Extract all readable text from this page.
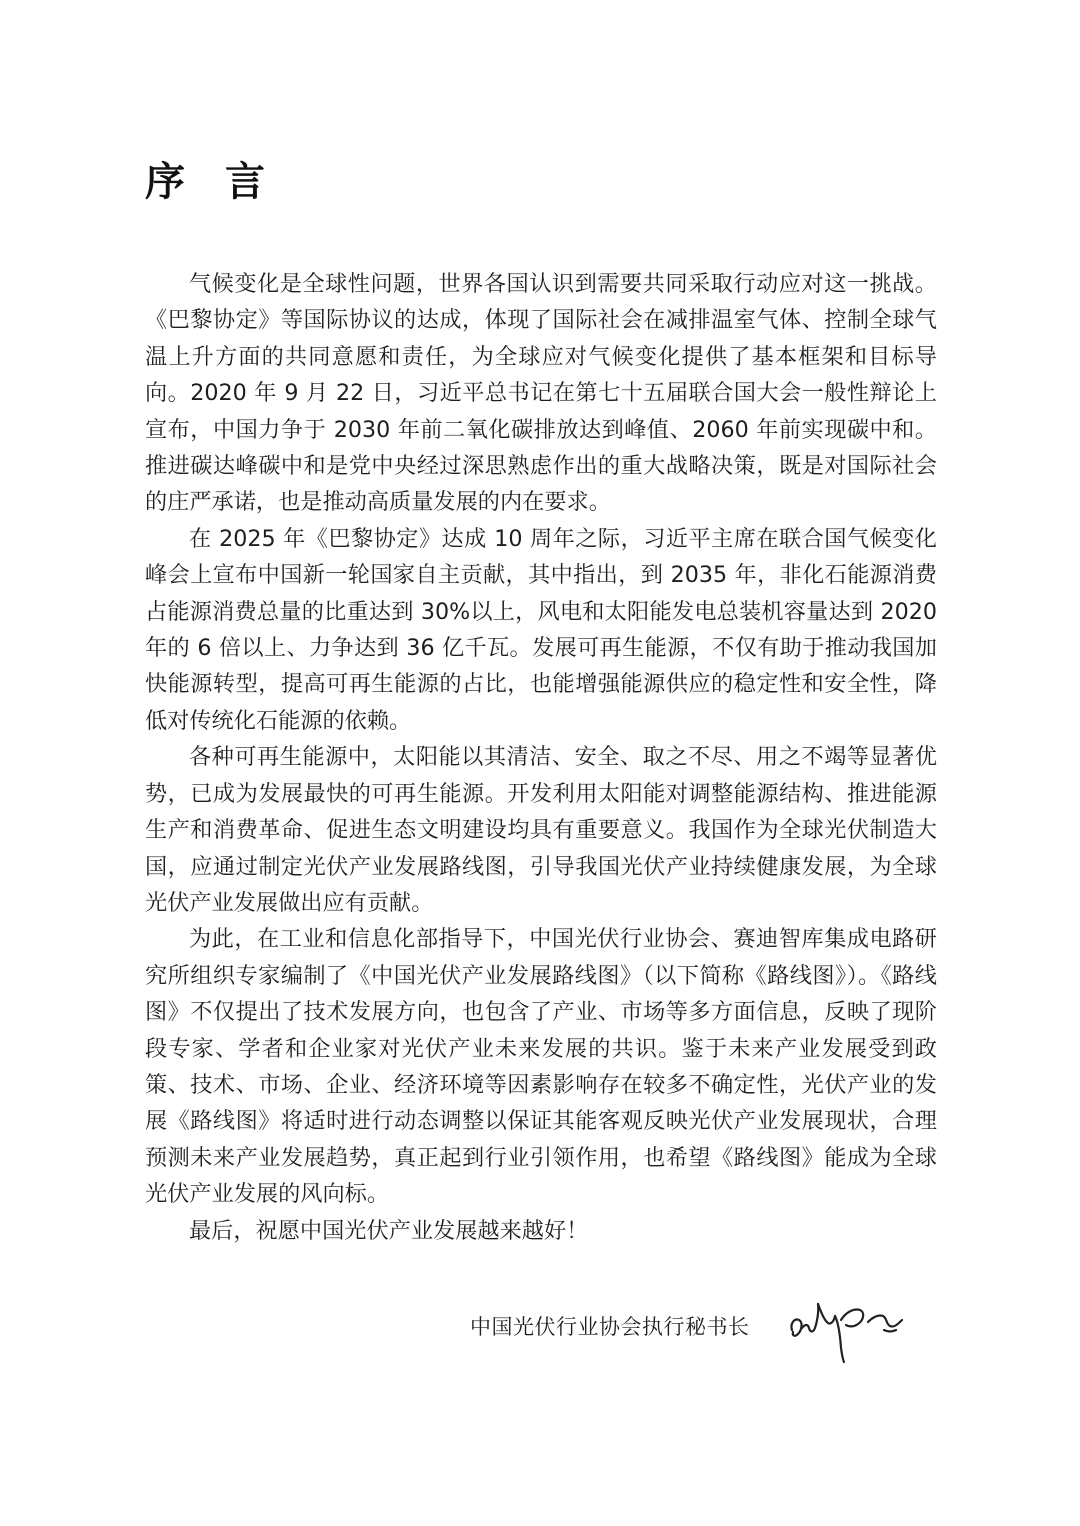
序 言

气候变化是全球性问题，世界各国认识到需要共同采取行动应对这一挑战。《巴黎协定》等国际协议的达成，体现了国际社会在减排温室气体、控制全球气温上升方面的共同意愿和责任，为全球应对气候变化提供了基本框架和目标导向。2020 年 9 月 22 日，习近平总书记在第七十五届联合国大会一般性辩论上宣布，中国力争于 2030 年前二氧化碳排放达到峰值、2060 年前实现碳中和。推进碳达峰碳中和是党中央经过深思熟虑作出的重大战略决策，既是对国际社会的庄严承诺，也是推动高质量发展的内在要求。

在 2025 年《巴黎协定》达成 10 周年之际，习近平主席在联合国气候变化峰会上宣布中国新一轮国家自主贡献，其中指出，到 2035 年，非化石能源消费占能源消费总量的比重达到 30%以上，风电和太阳能发电总装机容量达到 2020 年的 6 倍以上、力争达到 36 亿千瓦。发展可再生能源，不仅有助于推动我国加快能源转型，提高可再生能源的占比，也能增强能源供应的稳定性和安全性，降低对传统化石能源的依赖。

各种可再生能源中，太阳能以其清洁、安全、取之不尽、用之不竭等显著优势，已成为发展最快的可再生能源。开发利用太阳能对调整能源结构、推进能源生产和消费革命、促进生态文明建设均具有重要意义。我国作为全球光伏制造大国，应通过制定光伏产业发展路线图，引导我国光伏产业持续健康发展，为全球光伏产业发展做出应有贡献。

为此，在工业和信息化部指导下，中国光伏行业协会、赛迪智库集成电路研究所组织专家编制了《中国光伏产业发展路线图》（以下简称《路线图》）。《路线图》不仅提出了技术发展方向，也包含了产业、市场等多方面信息，反映了现阶段专家、学者和企业家对光伏产业未来发展的共识。鉴于未来产业发展受到政策、技术、市场、企业、经济环境等因素影响存在较多不确定性，光伏产业的发展《路线图》将适时进行动态调整以保证其能客观反映光伏产业发展现状，合理预测未来产业发展趋势，真正起到行业引领作用，也希望《路线图》能成为全球光伏产业发展的风向标。

最后，祝愿中国光伏产业发展越来越好！

中国光伏行业协会执行秘书长
